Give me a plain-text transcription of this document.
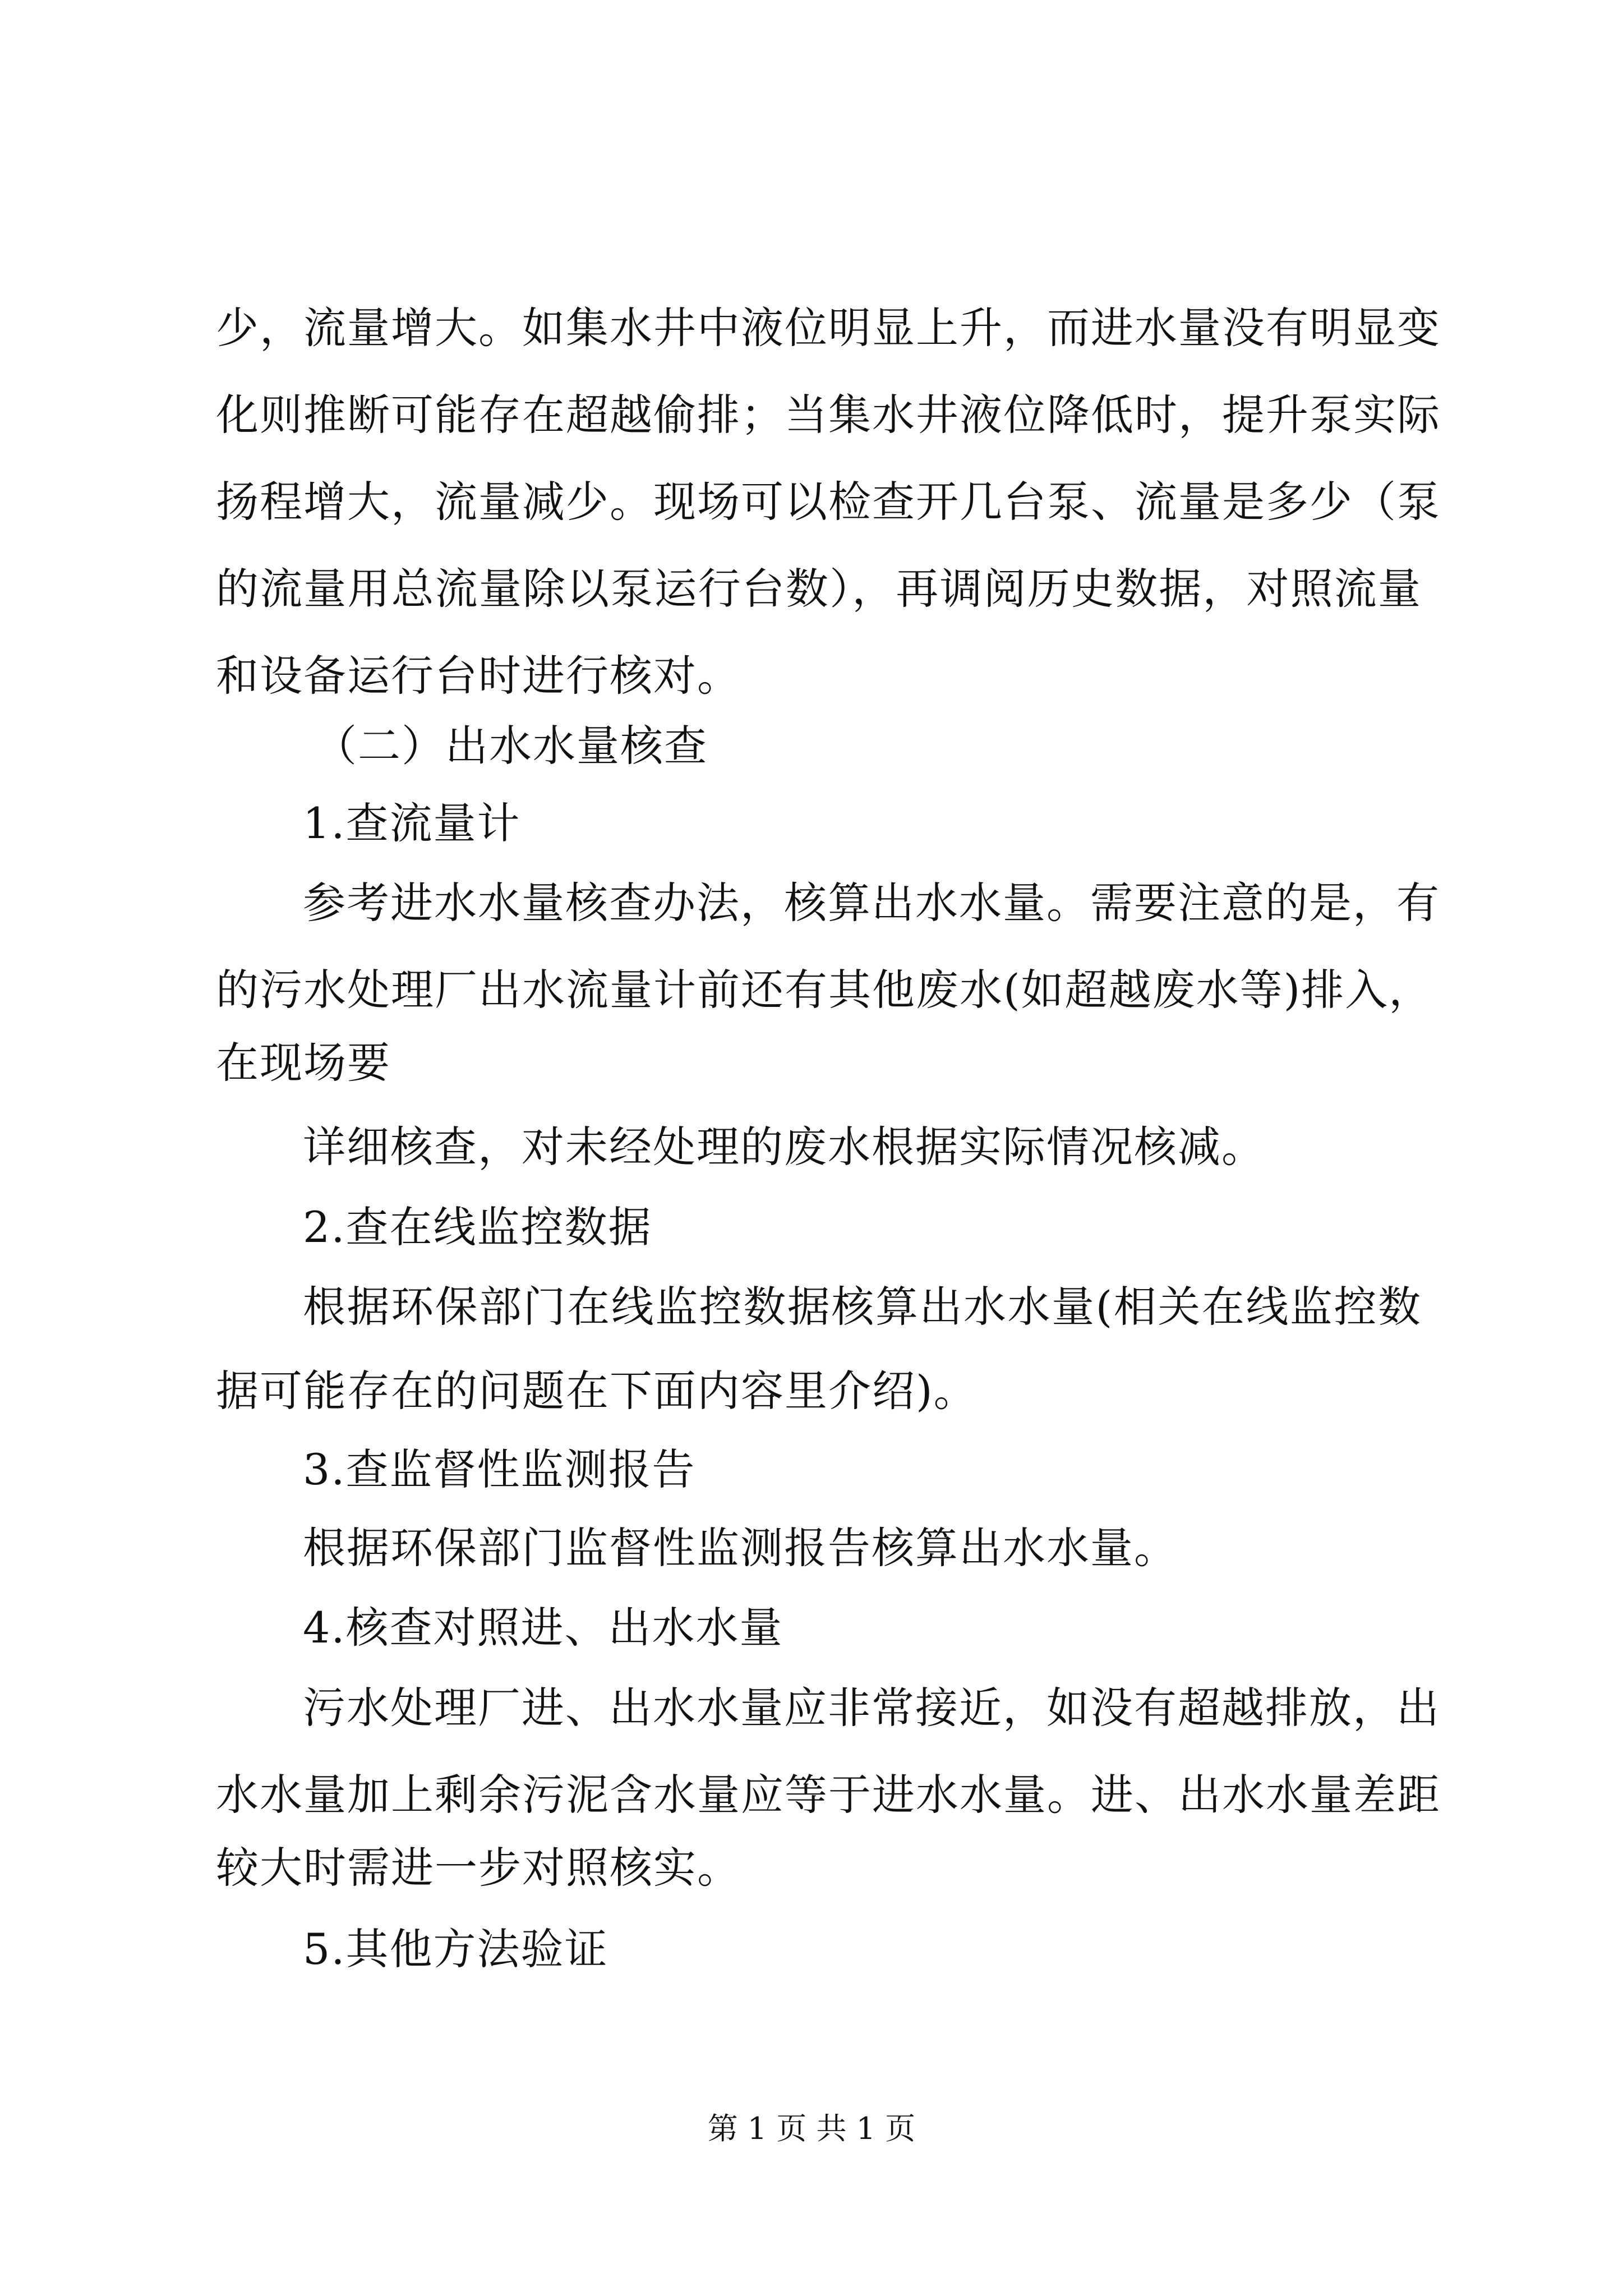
少，流量增大。如集水井中液位明显上升，而进水量没有明显变
化则推断可能存在超越偷排；当集水井液位降低时，提升泵实际
扬程增大，流量减少。现场可以检查开几台泵、流量是多少（泵
的流量用总流量除以泵运行台数），再调阅历史数据，对照流量
和设备运行台时进行核对。
（二）出水水量核查
1.查流量计
参考进水水量核查办法，核算出水水量。需要注意的是，有
的污水处理厂出水流量计前还有其他废水(如超越废水等)排入，
在现场要
详细核查，对未经处理的废水根据实际情况核减。
2.查在线监控数据
根据环保部门在线监控数据核算出水水量(相关在线监控数
据可能存在的问题在下面内容里介绍)。
3.查监督性监测报告
根据环保部门监督性监测报告核算出水水量。
4.核查对照进、出水水量
污水处理厂进、出水水量应非常接近，如没有超越排放，出
水水量加上剩余污泥含水量应等于进水水量。进、出水水量差距
较大时需进一步对照核实。
5.其他方法验证
第 1 页 共 1 页
